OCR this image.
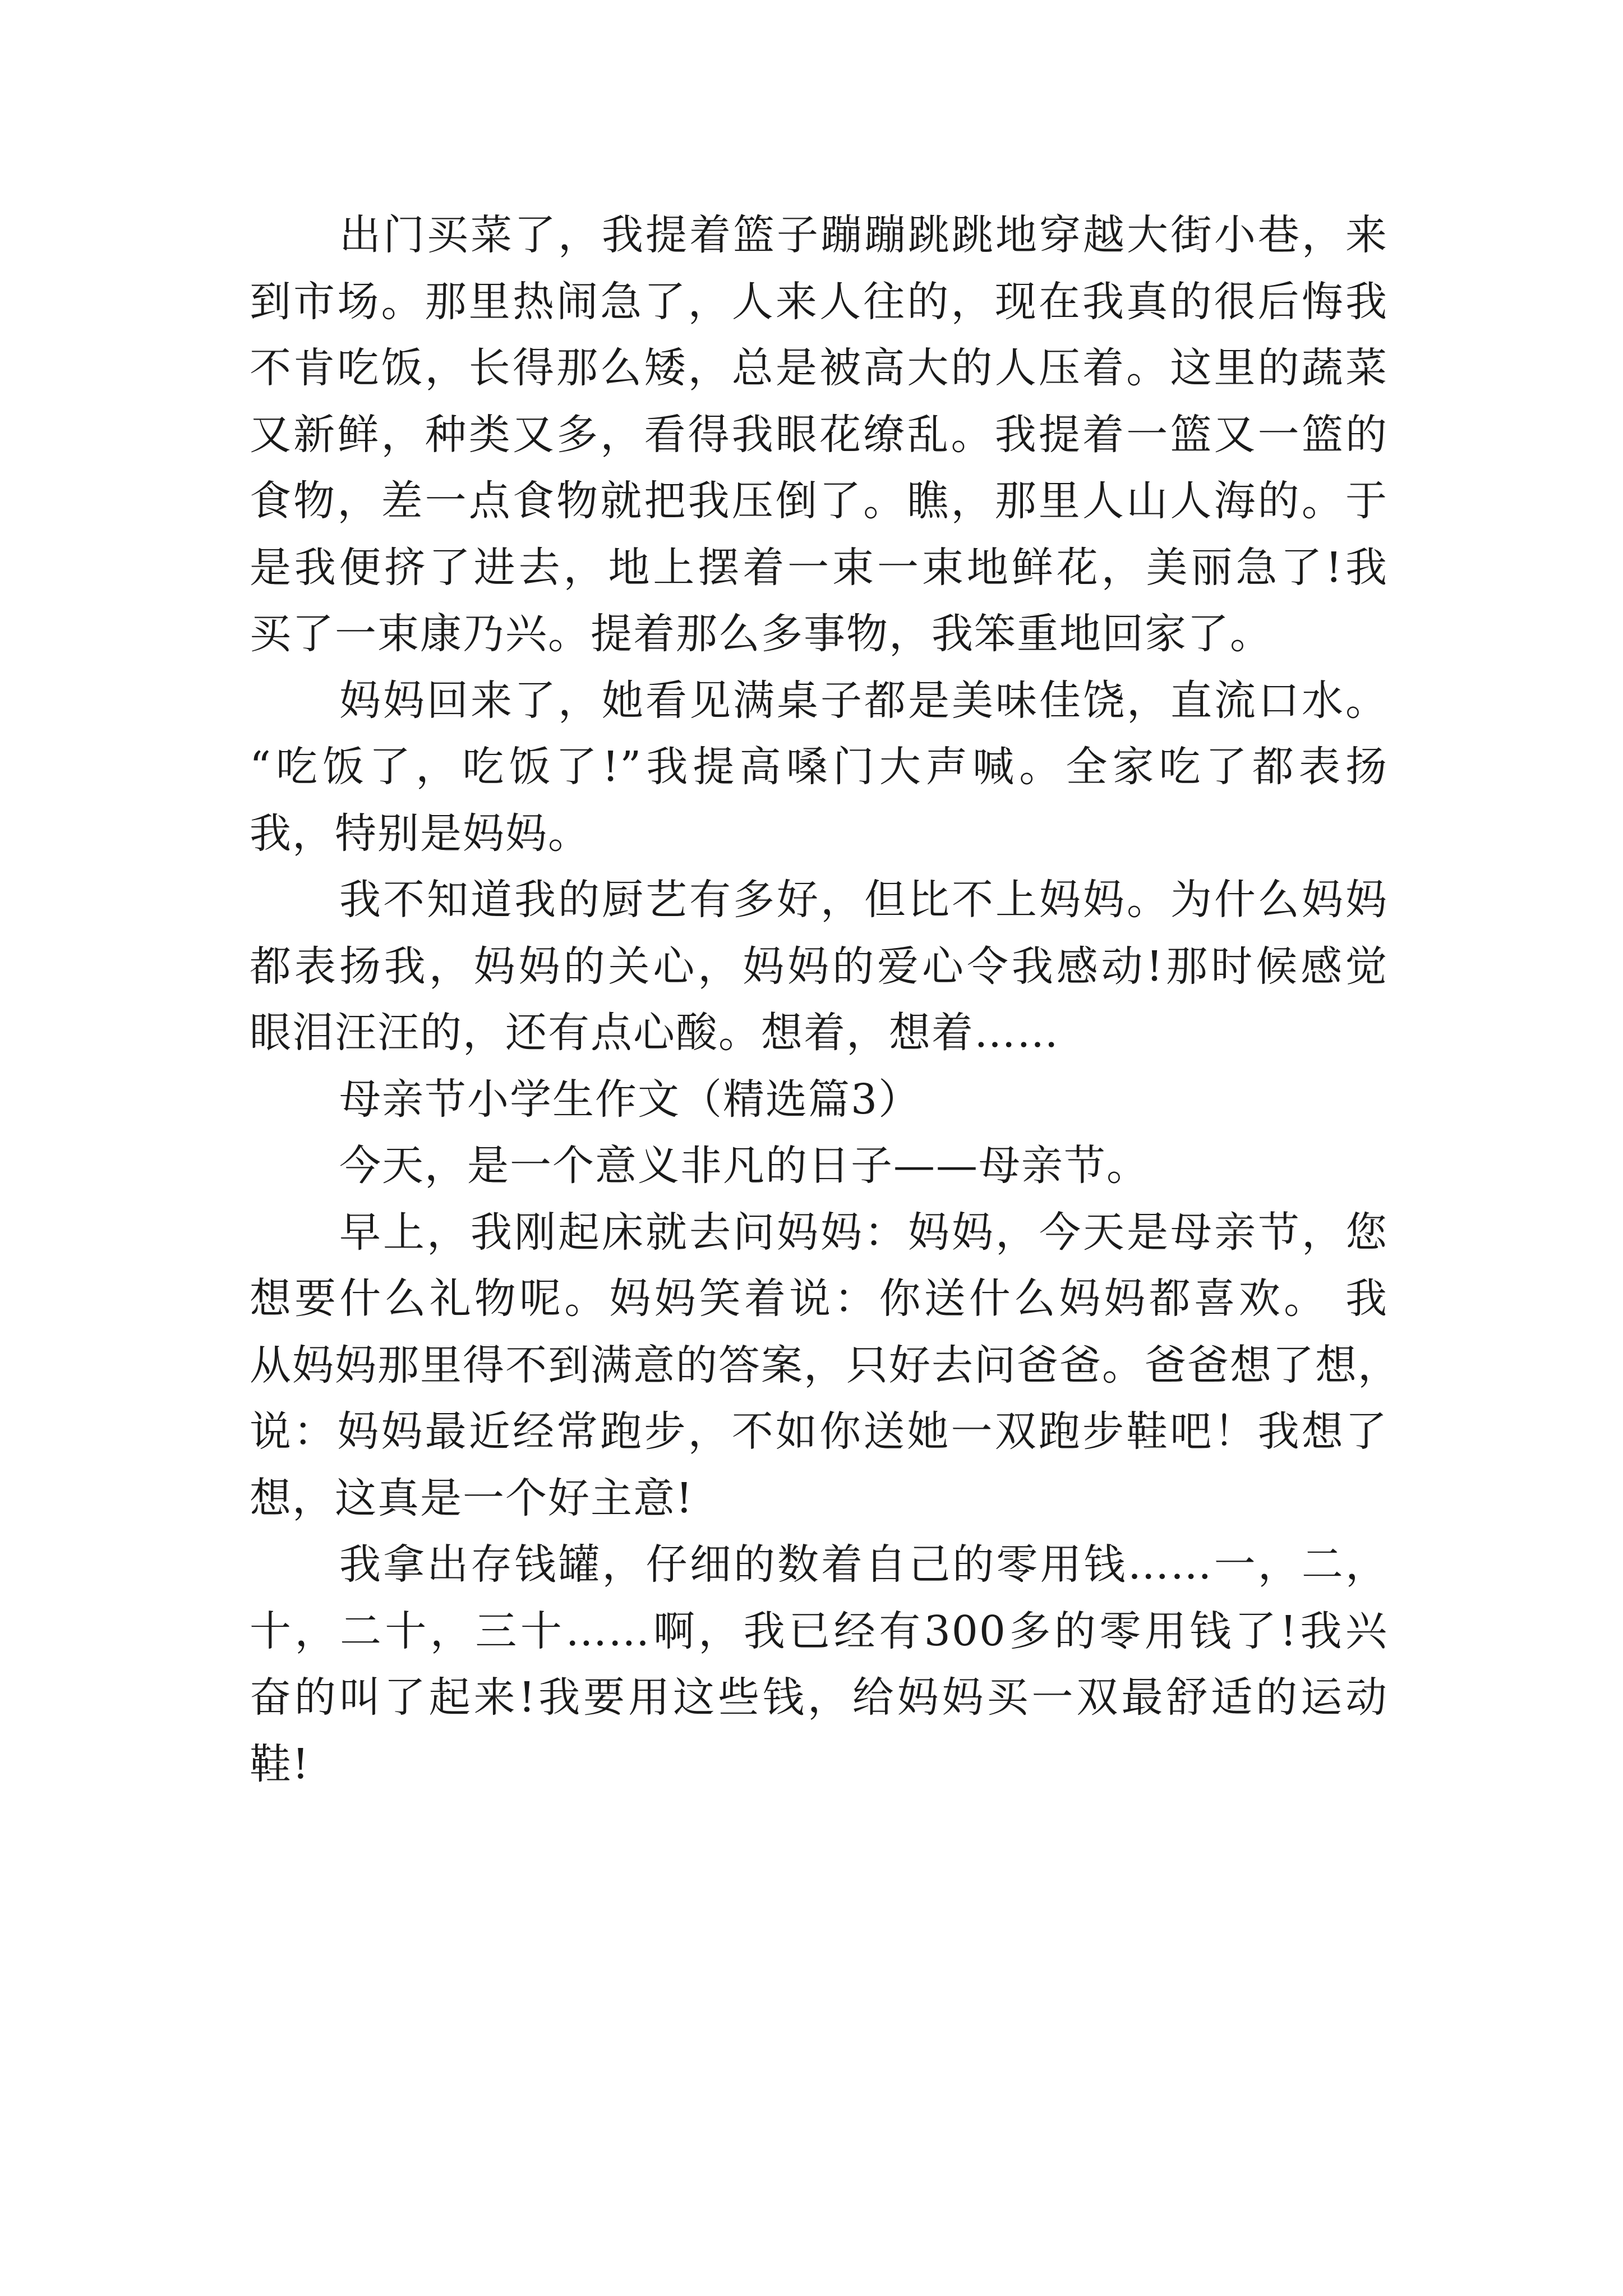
出门买菜了，我提着篮子蹦蹦跳跳地穿越大街小巷，来
到市场。那里热闹急了，人来人往的，现在我真的很后悔我
不肯吃饭，长得那么矮，总是被高大的人压着。这里的蔬菜
又新鲜，种类又多，看得我眼花缭乱。我提着一篮又一篮的
食物，差一点食物就把我压倒了。瞧，那里人山人海的。于
是我便挤了进去，地上摆着一束一束地鲜花，美丽急了!我
买了一束康乃兴。提着那么多事物，我笨重地回家了。
妈妈回来了，她看见满桌子都是美味佳饶，直流口水。
“吃饭了，吃饭了!”我提高嗓门大声喊。全家吃了都表扬
我，特别是妈妈。
我不知道我的厨艺有多好，但比不上妈妈。为什么妈妈
都表扬我，妈妈的关心，妈妈的爱心令我感动!那时候感觉
眼泪汪汪的，还有点心酸。想着，想着……
母亲节小学生作文（精选篇3）
今天，是一个意义非凡的日子——母亲节。
早上，我刚起床就去问妈妈：妈妈，今天是母亲节，您
想要什么礼物呢。妈妈笑着说：你送什么妈妈都喜欢。 我
从妈妈那里得不到满意的答案，只好去问爸爸。爸爸想了想，
说：妈妈最近经常跑步，不如你送她一双跑步鞋吧！我想了
想，这真是一个好主意!
我拿出存钱罐，仔细的数着自己的零用钱……一，二，
十，二十，三十……啊，我已经有300多的零用钱了!我兴
奋的叫了起来!我要用这些钱，给妈妈买一双最舒适的运动
鞋!
